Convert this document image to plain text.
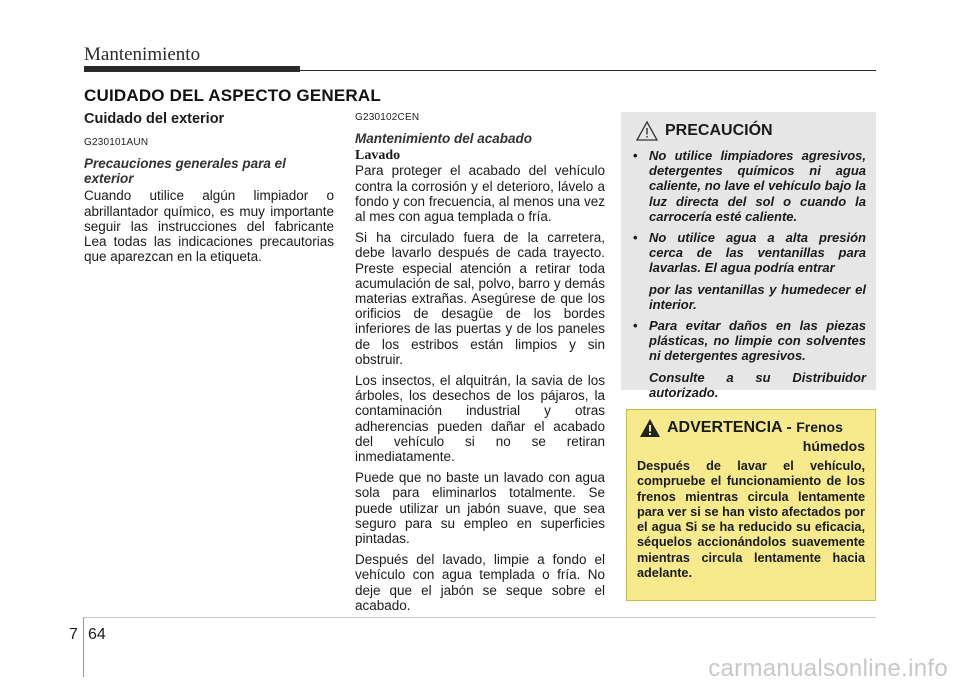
Mantenimiento
CUIDADO DEL ASPECTO GENERAL
Cuidado del exterior
G230101AUN
Precauciones generales para el exterior

Cuando utilice algún limpiador o abrillantador químico, es muy importante seguir las instrucciones del fabricante Lea todas las indicaciones precautorias que aparezcan en la etiqueta.

G230102CEN
Mantenimiento del acabado

Lavado

Para proteger el acabado del vehículo contra la corrosión y el deterioro, lávelo a fondo y con frecuencia, al menos una vez al mes con agua templada o fría.

Si ha circulado fuera de la carretera, debe lavarlo después de cada trayecto. Preste especial atención a retirar toda acumulación de sal, polvo, barro y demás materias extrañas. Asegúrese de que los orificios de desagüe de los bordes inferiores de las puertas y de los paneles de los estribos están limpios y sin obstruir.

Los insectos, el alquitrán, la savia de los árboles, los desechos de los pájaros, la contaminación industrial y otras adherencias pueden dañar el acabado del vehículo si no se retiran inmediatamente.

Puede que no baste un lavado con agua sola para eliminarlos totalmente. Se puede utilizar un jabón suave, que sea seguro para su empleo en superficies pintadas.

Después del lavado, limpie a fondo el vehículo con agua templada o fría. No deje que el jabón se seque sobre el acabado.

PRECAUCIÓN
• No utilice limpiadores agresivos, detergentes químicos ni agua caliente, no lave el vehículo bajo la luz directa del sol o cuando la carrocería esté caliente.
• No utilice agua a alta presión cerca de las ventanillas para lavarlas. El agua podría entrar
por las ventanillas y humedecer el interior.
• Para evitar daños en las piezas plásticas, no limpie con solventes ni detergentes agresivos.
Consulte a su Distribuidor autorizado.
ADVERTENCIA - Frenos
húmedos

Después de lavar el vehículo, compruebe el funcionamiento de los frenos mientras circula lentamente para ver si se han visto afectados por el agua Si se ha reducido su eficacia, séquelos accionándolos suavemente mientras circula lentamente hacia adelante.

7 64
carmanualsonline.info
